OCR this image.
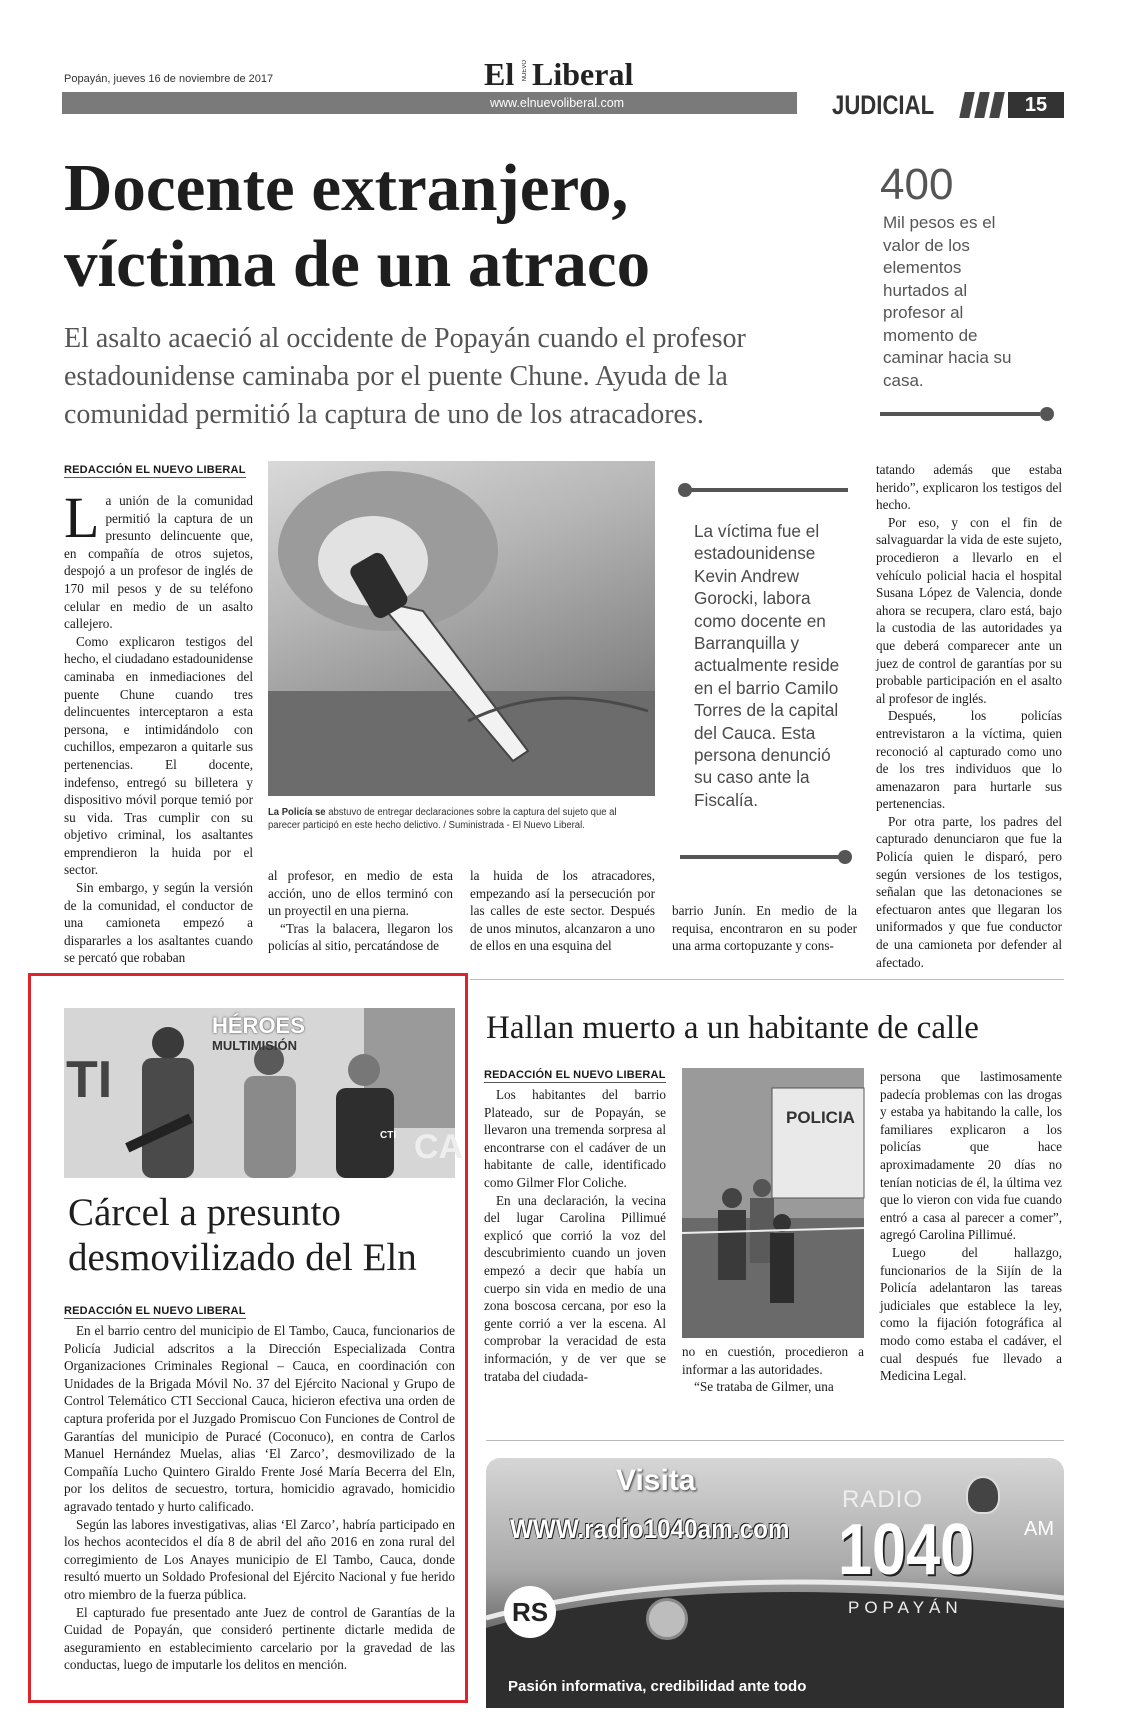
Popayán, jueves 16 de noviembre de 2017	El NUEVO Liberal
www.elnuevoliberal.com	JUDICIAL	15
Docente extranjero,
víctima de un atraco
El asalto acaeció al occidente de Popayán cuando el profesor estadounidense caminaba por el puente Chune. Ayuda de la comunidad permitió la captura de uno de los atracadores.
400
Mil pesos es el valor de los elementos hurtados al profesor al momento de caminar hacia su casa.
REDACCIÓN EL NUEVO LIBERAL

La unión de la comunidad permitió la captura de un presunto delincuente que, en compañía de otros sujetos, despojó a un profesor de inglés de 170 mil pesos y de su teléfono celular en medio de un asalto callejero.

Como explicaron testigos del hecho, el ciudadano estadounidense caminaba en inmediaciones del puente Chune cuando tres delincuentes interceptaron a esta persona, e intimidándolo con cuchillos, empezaron a quitarle sus pertenencias. El docente, indefenso, entregó su billetera y dispositivo móvil porque temió por su vida. Tras cumplir con su objetivo criminal, los asaltantes emprendieron la huida por el sector.

Sin embargo, y según la versión de la comunidad, el conductor de una camioneta empezó a dispararles a los asaltantes cuando se percató que robaban

La Policía se abstuvo de entregar declaraciones sobre la captura del sujeto que al parecer participó en este hecho delictivo. / Suministrada - El Nuevo Liberal.
La víctima fue el estadounidense Kevin Andrew Gorocki, labora como docente en Barranquilla y actualmente reside en el barrio Camilo Torres de la capital del Cauca. Esta persona denunció su caso ante la Fiscalía.

al profesor, en medio de esta acción, uno de ellos terminó con un proyectil en una pierna.

“Tras la balacera, llegaron los policías al sitio, percatándose de

la huida de los atracadores, empezando así la persecución por las calles de este sector. Después de unos minutos, alcanzaron a uno de ellos en una esquina del

barrio Junín. En medio de la requisa, encontraron en su poder una arma cortopuzante y cons-

tatando además que estaba herido”, explicaron los testigos del hecho.

Por eso, y con el fin de salvaguardar la vida de este sujeto, procedieron a llevarlo en el vehículo policial hacia el hospital Susana López de Valencia, donde ahora se recupera, claro está, bajo la custodia de las autoridades ya que deberá comparecer ante un juez de control de garantías por su probable participación en el asalto al profesor de inglés.

Después, los policías entrevistaron a la víctima, quien reconoció al capturado como uno de los tres individuos que lo amenazaron para hurtarle sus pertenencias.

Por otra parte, los padres del capturado denunciaron que fue la Policía quien le disparó, pero según versiones de los testigos, señalan que las detonaciones se efectuaron antes que llegaran los uniformados y que fue conductor de una camioneta por defender al afectado.

HÉROES
MULTIMISIÓN
TI
CA
CTI
Cárcel a presunto
desmovilizado del Eln
REDACCIÓN EL NUEVO LIBERAL

En el barrio centro del municipio de El Tambo, Cauca, funcionarios de Policía Judicial adscritos a la Dirección Especializada Contra Organizaciones Criminales Regional – Cauca, en coordinación con Unidades de la Brigada Móvil No. 37 del Ejército Nacional y Grupo de Control Telemático CTI Seccional Cauca, hicieron efectiva una orden de captura proferida por el Juzgado Promiscuo Con Funciones de Control de Garantías del municipio de Puracé (Coconuco), en contra de Carlos Manuel Hernández Muelas, alias ‘El Zarco’, desmovilizado de la Compañía Lucho Quintero Giraldo Frente José María Becerra del Eln, por los delitos de secuestro, tortura, homicidio agravado, homicidio agravado tentado y hurto calificado.

Según las labores investigativas, alias ‘El Zarco’, habría participado en los hechos acontecidos el día 8 de abril del año 2016 en zona rural del corregimiento de Los Anayes municipio de El Tambo, Cauca, donde resultó muerto un Soldado Profesional del Ejército Nacional y fue herido otro miembro de la fuerza pública.

El capturado fue presentado ante Juez de control de Garantías de la Cuidad de Popayán, que consideró pertinente dictarle medida de aseguramiento en establecimiento carcelario por la gravedad de las conductas, luego de imputarle los delitos en mención.

Hallan muerto a un habitante de calle
REDACCIÓN EL NUEVO LIBERAL

Los habitantes del barrio Plateado, sur de Popayán, se llevaron una tremenda sorpresa al encontrarse con el cadáver de un habitante de calle, identificado como Gilmer Flor Coliche.

En una declaración, la vecina del lugar Carolina Pillimué explicó que corrió la voz del descubrimiento cuando un joven empezó a decir que había un cuerpo sin vida en medio de una zona boscosa cercana, por eso la gente corrió a ver la escena. Al comprobar la veracidad de esta información, y de ver que se trataba del ciudada-

POLICIA

no en cuestión, procedieron a informar a las autoridades.

“Se trataba de Gilmer, una

persona que lastimosamente padecía problemas con las drogas y estaba ya habitando la calle, los familiares explicaron a los policías que hace aproximadamente 20 días no tenían noticias de él, la última vez que lo vieron con vida fue cuando entró a casa al parecer a comer”, agregó Carolina Pillimué.

Luego del hallazgo, funcionarios de la Sijín de la Policía adelantaron las tareas judiciales que establece la ley, como la fijación fotográfica al modo como estaba el cadáver, el cual después fue llevado a Medicina Legal.

Visita
WWW.radio1040am.com
RADIO
1040 AM
POPAYÁN
RS
Pasión informativa, credibilidad ante todo
